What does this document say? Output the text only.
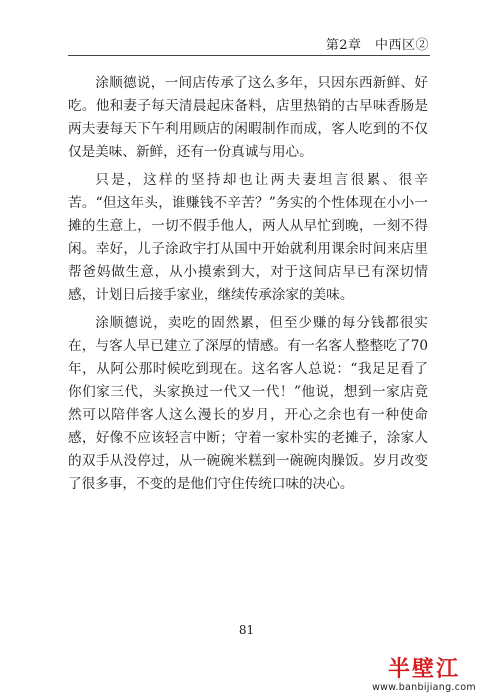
第2章　中西区②

涂顺德说，一间店传承了这么多年，只因东西新鲜、好吃。他和妻子每天清晨起床备料，店里热销的古早味香肠是两夫妻每天下午利用顾店的闲暇制作而成，客人吃到的不仅仅是美味、新鲜，还有一份真诚与用心。

只是，这样的坚持却也让两夫妻坦言很累、很辛苦。“但这年头，谁赚钱不辛苦？”务实的个性体现在小小一摊的生意上，一切不假手他人，两人从早忙到晚，一刻不得闲。幸好，儿子涂政宇打从国中开始就利用课余时间来店里帮爸妈做生意，从小摸索到大，对于这间店早已有深切情感，计划日后接手家业，继续传承涂家的美味。

涂顺德说，卖吃的固然累，但至少赚的每分钱都很实在，与客人早已建立了深厚的情感。有一名客人整整吃了70年，从阿公那时候吃到现在。这名客人总说：“我足足看了你们家三代，头家换过一代又一代！”他说，想到一家店竟然可以陪伴客人这么漫长的岁月，开心之余也有一种使命感，好像不应该轻言中断；守着一家朴实的老摊子，涂家人的双手从没停过，从一碗碗米糕到一碗碗肉臊饭。岁月改变了很多事，不变的是他们守住传统口味的决心。

81
半壁江
www.banbijiang.com
